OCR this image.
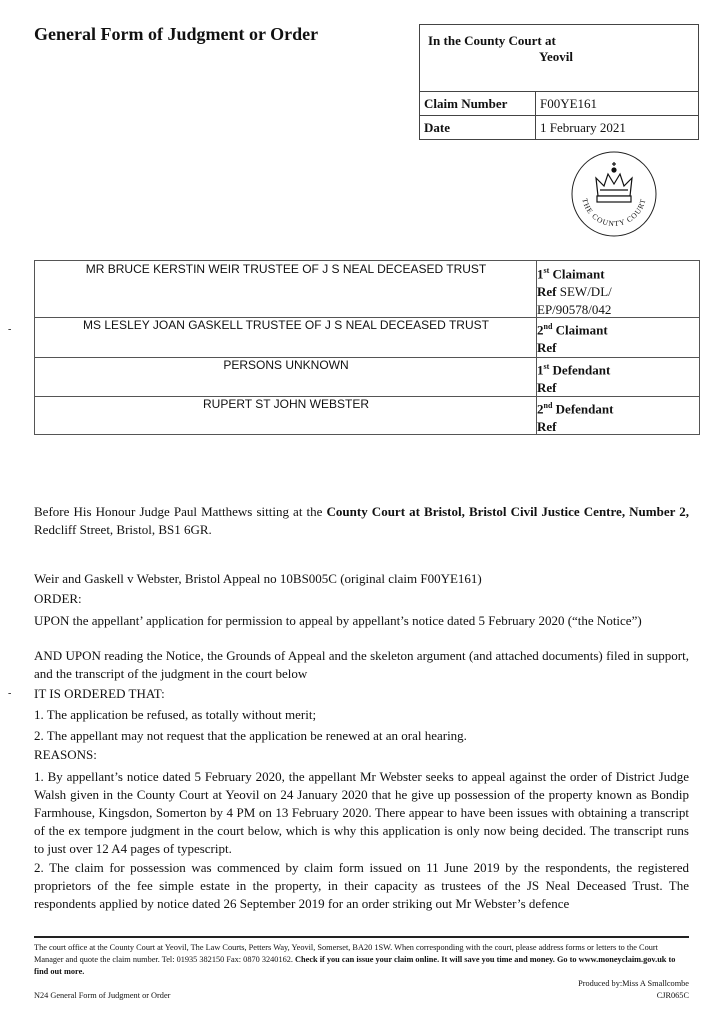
General Form of Judgment or Order	In the County Court at
Yeovil
Claim Number	F00YE161
Date	1 February 2021
THE COUNTY COURT
MR BRUCE KERSTIN WEIR TRUSTEE OF J S NEAL DECEASED TRUST	1st Claimant
Ref SEW/DL/
EP/90578/042
MS LESLEY JOAN GASKELL TRUSTEE OF J S NEAL DECEASED TRUST	2nd Claimant
Ref
PERSONS UNKNOWN	1st Defendant
Ref
RUPERT ST JOHN WEBSTER	2nd Defendant
Ref
-
-
Before His Honour Judge Paul Matthews sitting at the County Court at Bristol, Bristol Civil Justice Centre, Number 2, Redcliff Street, Bristol, BS1 6GR.
Weir and Gaskell v Webster, Bristol Appeal no 10BS005C (original claim F00YE161)
ORDER:
UPON the appellant’ application for permission to appeal by appellant’s notice dated 5 February 2020 (“the Notice”)
AND UPON reading the Notice, the Grounds of Appeal and the skeleton argument (and attached documents) filed in support, and the transcript of the judgment in the court below
IT IS ORDERED THAT:
1. The application be refused, as totally without merit;
2. The appellant may not request that the application be renewed at an oral hearing.
REASONS:
1. By appellant’s notice dated 5 February 2020, the appellant Mr Webster seeks to appeal against the order of District Judge Walsh given in the County Court at Yeovil on 24 January 2020 that he give up possession of the property known as Bondip Farmhouse, Kingsdon, Somerton by 4 PM on 13 February 2020. There appear to have been issues with obtaining a transcript of the ex tempore judgment in the court below, which is why this application is only now being decided. The transcript runs to just over 12 A4 pages of typescript.
2. The claim for possession was commenced by claim form issued on 11 June 2019 by the respondents, the registered proprietors of the fee simple estate in the property, in their capacity as trustees of the JS Neal Deceased Trust. The respondents applied by notice dated 26 September 2019 for an order striking out Mr Webster’s defence
The court office at the County Court at Yeovil, The Law Courts, Petters Way, Yeovil, Somerset, BA20 1SW. When corresponding with the court, please address forms or letters to the Court Manager and quote the claim number. Tel: 01935 382150 Fax: 0870 3240162. Check if you can issue your claim online. It will save you time and money. Go to www.moneyclaim.gov.uk to find out more.
Produced by:Miss A Smallcombe
N24 General Form of Judgment or Order	CJR065C
